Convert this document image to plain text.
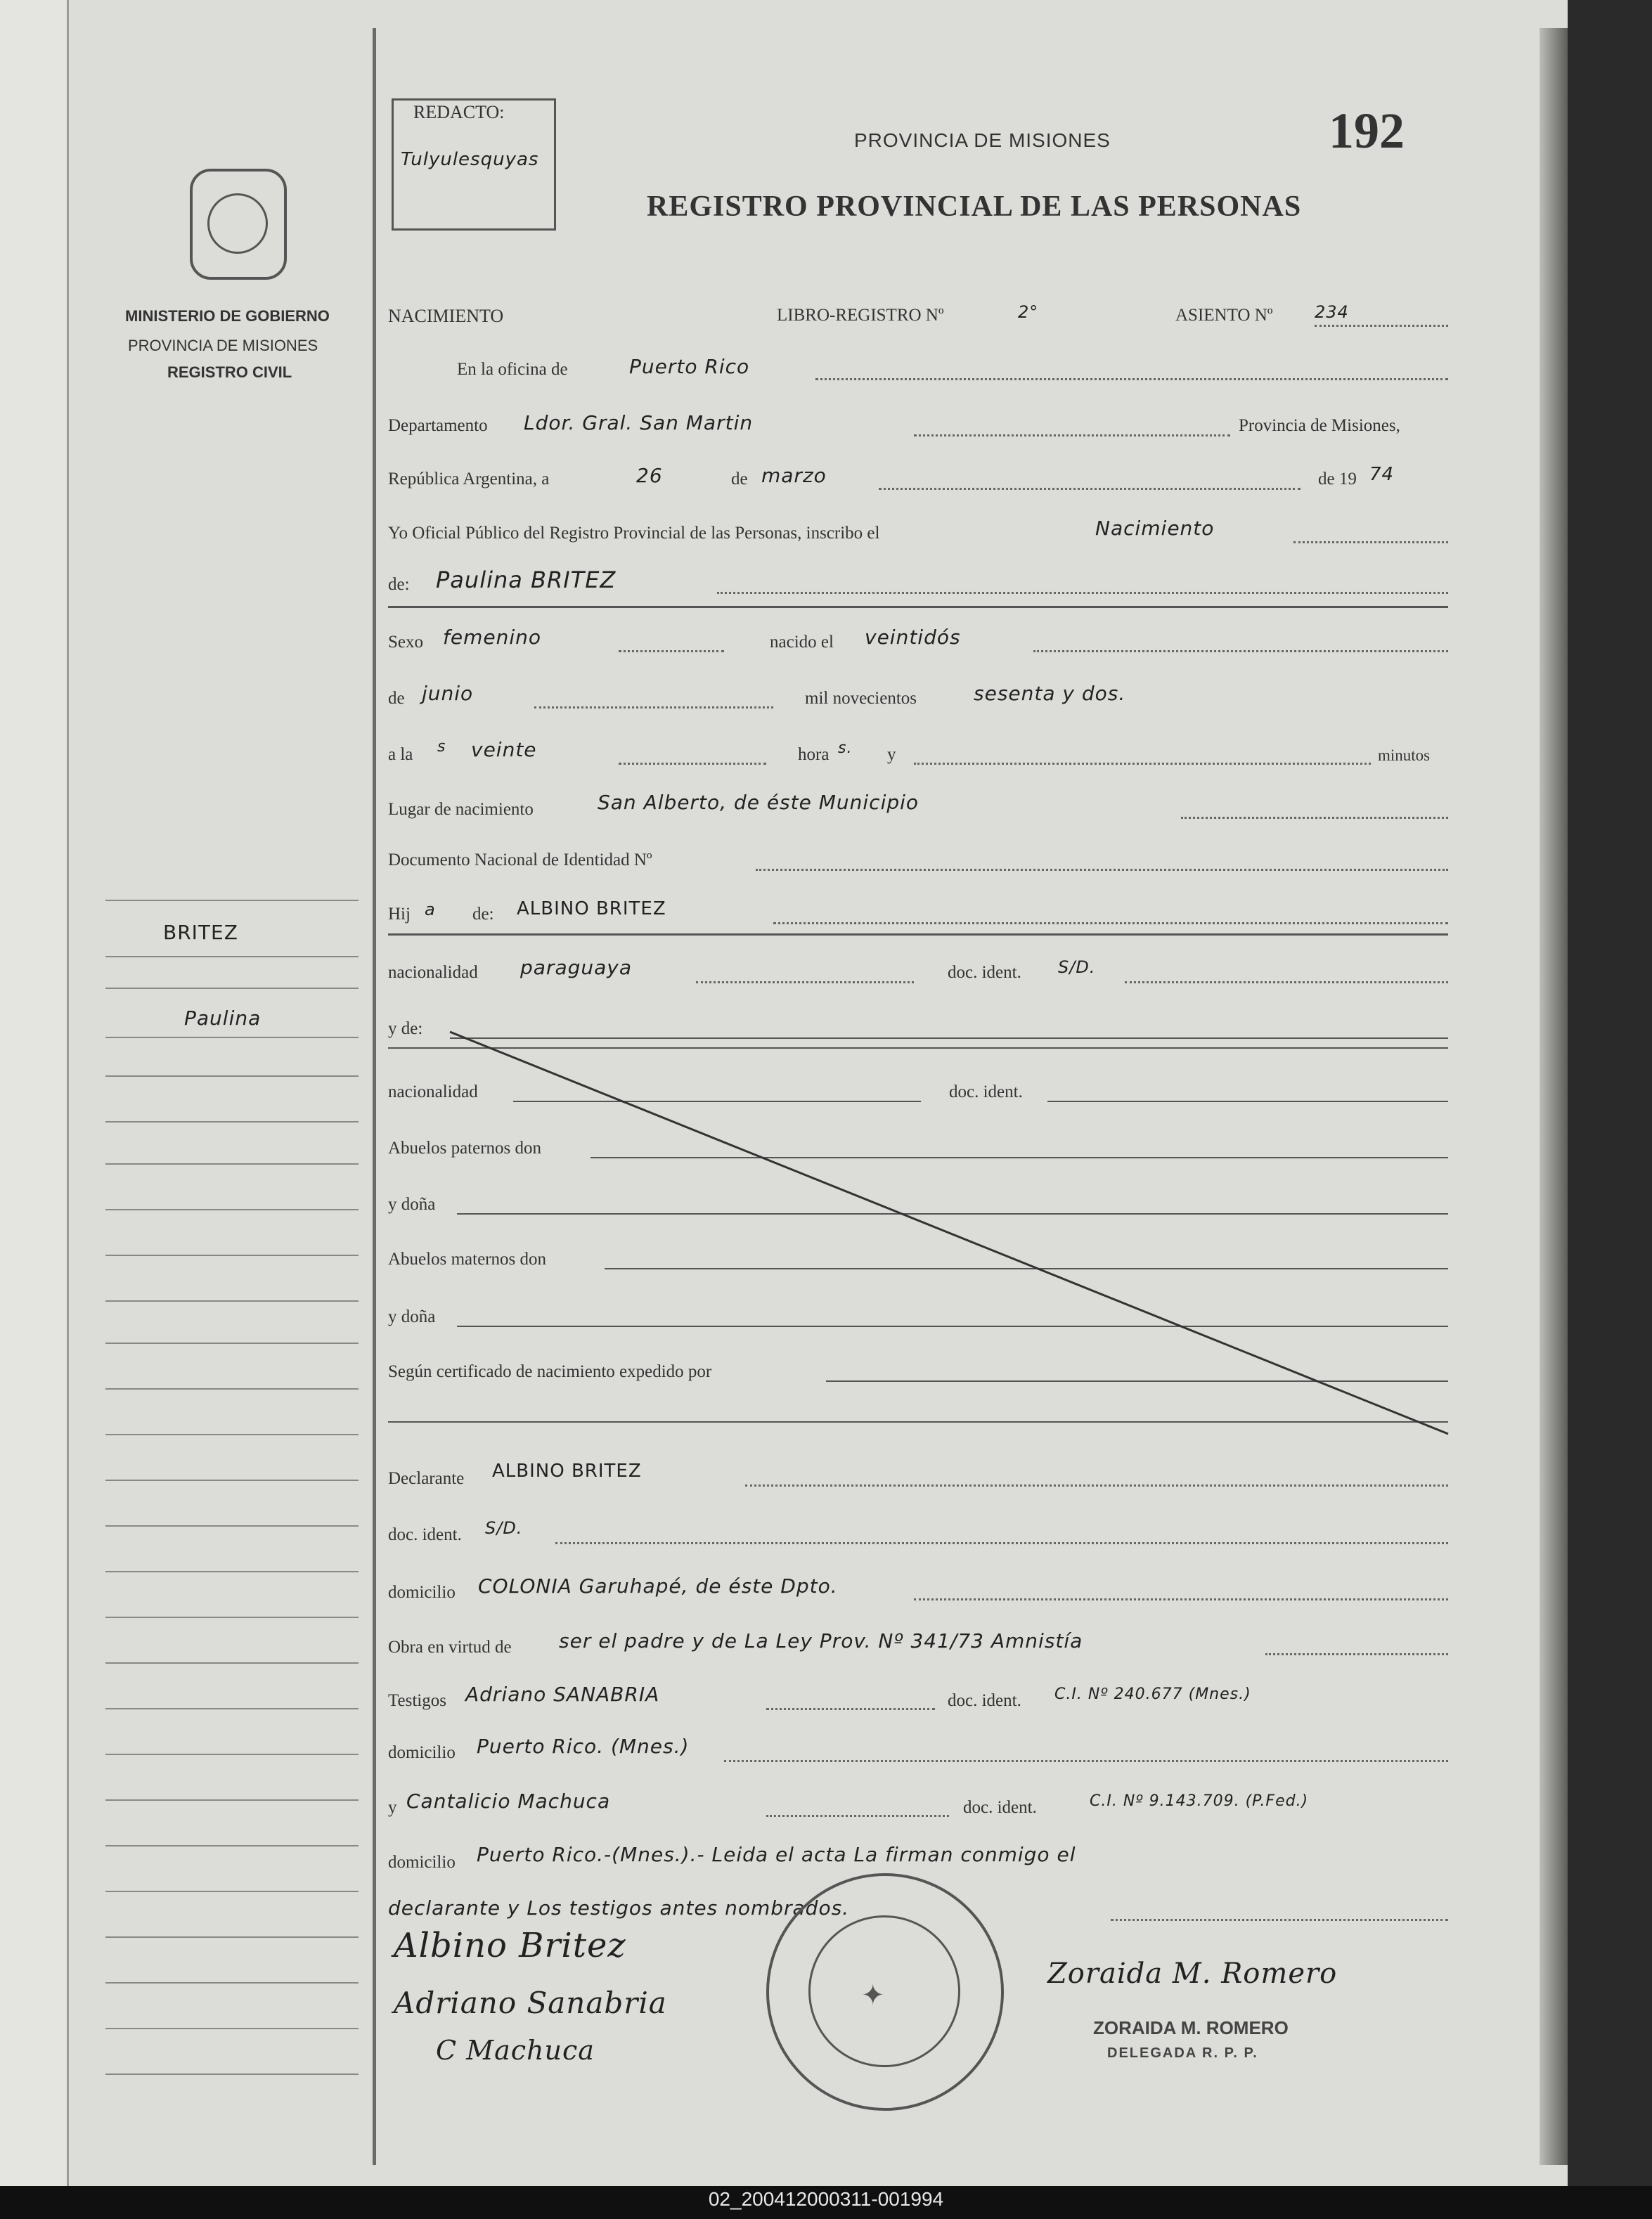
REDACTO:
Tulyulesquyas
PROVINCIA DE MISIONES
REGISTRO PROVINCIAL DE LAS PERSONAS
192
MINISTERIO DE GOBIERNO
PROVINCIA DE MISIONES
REGISTRO CIVIL
BRITEZ
Paulina
NACIMIENTO	LIBRO-REGISTRO Nº	2°	ASIENTO Nº 234
En la oficina de	Puerto Rico
Departamento Ldor. Gral. San Martin	Provincia de Misiones,
República Argentina, a	26	de marzo	de 19 74
Yo Oficial Público del Registro Provincial de las Personas, inscribo el	Nacimiento
de: Paulina BRITEZ
Sexo femenino	nacido el veintidós
de junio	mil novecientos	sesenta y dos.
a la s veinte	hora s. y	minutos
Lugar de nacimiento	San Alberto, de éste Municipio
Documento Nacional de Identidad Nº
Hij a de: ALBINO BRITEZ
nacionalidad paraguaya	doc. ident. S/D.
y de:
nacionalidad	doc. ident.
Abuelos paternos don
y doña
Abuelos maternos don
y doña
Según certificado de nacimiento expedido por
Declarante ALBINO BRITEZ
doc. ident. S/D.
domicilio COLONIA Garuhapé, de éste Dpto.
Obra en virtud de ser el padre y de La Ley Prov. Nº 341/73 Amnistía
Testigos Adriano SANABRIA	doc. ident. C.I. Nº 240.677 (Mnes.)
domicilio Puerto Rico. (Mnes.)
y Cantalicio Machuca	doc. ident.	C.I. Nº 9.143.709. (P.Fed.)
domicilio Puerto Rico.-(Mnes.).- Leida el acta La firman conmigo el
declarante y Los testigos antes nombrados.
Albino Britez
Adriano Sanabria
C Machuca
✦
Zoraida M. Romero
ZORAIDA M. ROMERO
DELEGADA R. P. P.
02_200412000311-001994
